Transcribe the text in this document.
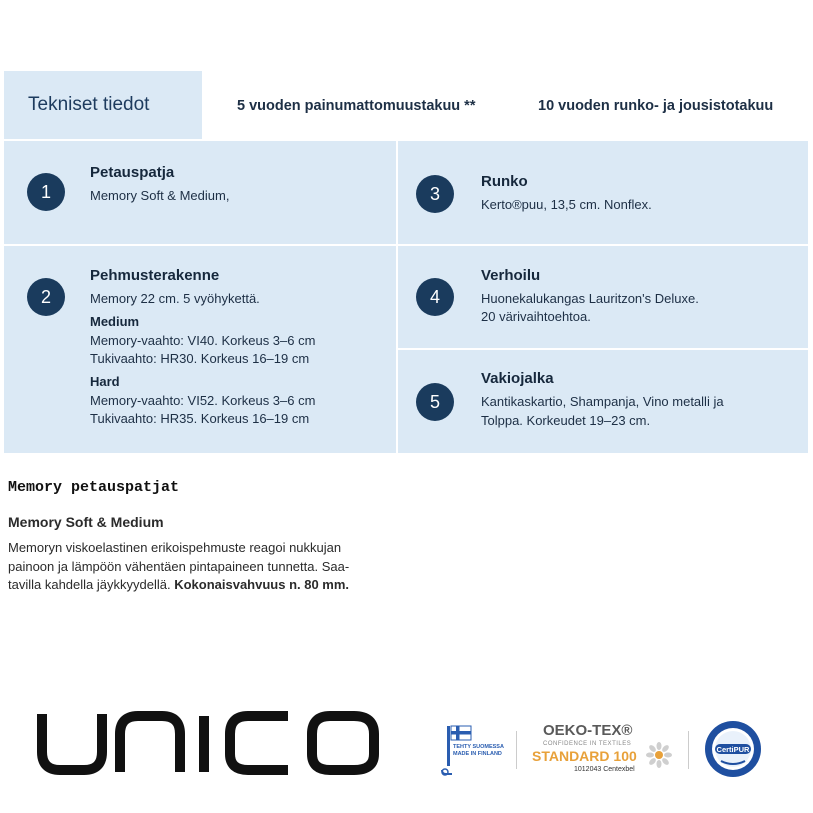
Tekniset tiedot	5 vuoden painumattomuustakuu **	10 vuoden runko- ja jousistotakuu
1
Petauspatja
Memory Soft & Medium,
2
Pehmusterakenne
Memory 22 cm. 5 vyöhykettä.
Medium
Memory-vaahto: VI40. Korkeus 3–6 cm
Tukivaahto: HR30. Korkeus 16–19 cm
Hard
Memory-vaahto: VI52. Korkeus 3–6 cm
Tukivaahto: HR35. Korkeus 16–19 cm
3
Runko
Kerto®puu, 13,5 cm. Nonflex.
4
Verhoilu
Huonekalukangas Lauritzon's Deluxe.
20 värivaihtoehtoa.
5
Vakiojalka
Kantikaskartio, Shampanja, Vino metalli ja
Tolppa. Korkeudet 19–23 cm.
Memory petauspatjat
Memory Soft & Medium
Memoryn viskoelastinen erikoispehmuste reagoi nukkujan
painoon ja lämpöön vähentäen pintapaineen tunnetta. Saa-
tavilla kahdella jäykkyydellä. Kokonaisvahvuus n. 80 mm.
TEHTY SUOMESSA
MADE IN FINLAND
OEKO-TEX®
CONFIDENCE IN TEXTILES
STANDARD 100
1012043 Centexbel
CertiPUR
